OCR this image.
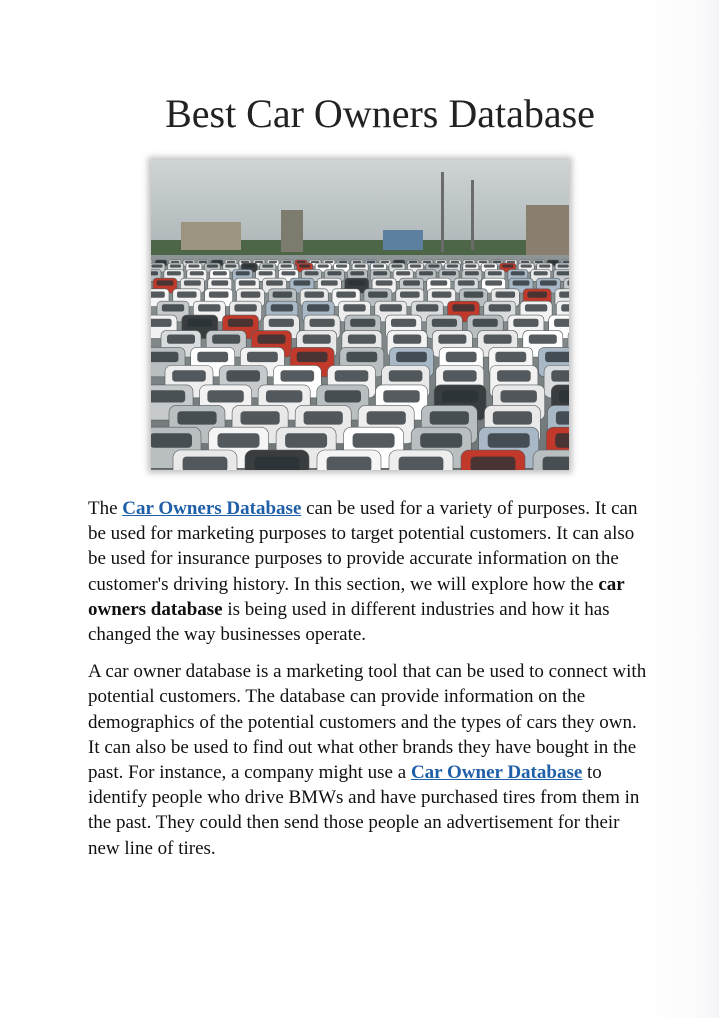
Best Car Owners Database

The Car Owners Database can be used for a variety of purposes. It can be used for marketing purposes to target potential customers. It can also be used for insurance purposes to provide accurate information on the customer's driving history. In this section, we will explore how the car owners database is being used in different industries and how it has changed the way businesses operate.

A car owner database is a marketing tool that can be used to connect with potential customers. The database can provide information on the demographics of the potential customers and the types of cars they own. It can also be used to find out what other brands they have bought in the past. For instance, a company might use a Car Owner Database to identify people who drive BMWs and have purchased tires from them in the past. They could then send those people an advertisement for their new line of tires.
